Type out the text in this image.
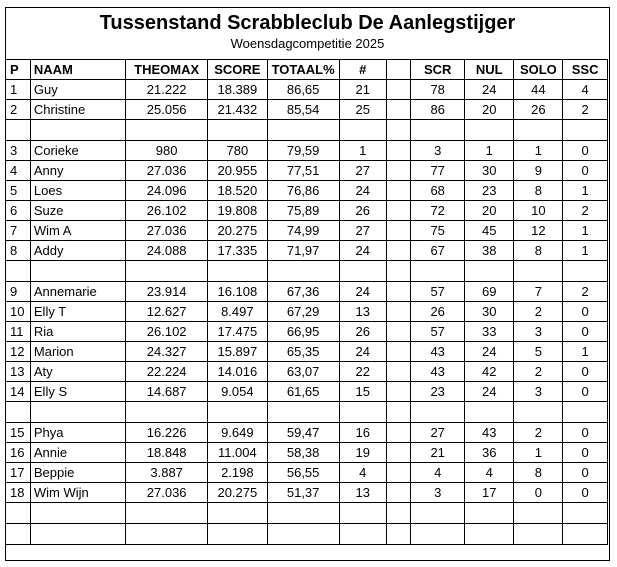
Tussenstand Scrabbleclub De Aanlegstijger
Woensdagcompetitie 2025
P	NAAM	THEOMAX	SCORE	TOTAAL%	#		SCR	NUL	SOLO	SSC
1	Guy	21.222	18.389	86,65	21		78	24	44	4
2	Christine	25.056	21.432	85,54	25		86	20	26	2

3	Corieke	980	780	79,59	1		3	1	1	0
4	Anny	27.036	20.955	77,51	27		77	30	9	0
5	Loes	24.096	18.520	76,86	24		68	23	8	1
6	Suze	26.102	19.808	75,89	26		72	20	10	2
7	Wim A	27.036	20.275	74,99	27		75	45	12	1
8	Addy	24.088	17.335	71,97	24		67	38	8	1

9	Annemarie	23.914	16.108	67,36	24		57	69	7	2
10	Elly T	12.627	8.497	67,29	13		26	30	2	0
11	Ria	26.102	17.475	66,95	26		57	33	3	0
12	Marion	24.327	15.897	65,35	24		43	24	5	1
13	Aty	22.224	14.016	63,07	22		43	42	2	0
14	Elly S	14.687	9.054	61,65	15		23	24	3	0

15	Phya	16.226	9.649	59,47	16		27	43	2	0
16	Annie	18.848	11.004	58,38	19		21	36	1	0
17	Beppie	3.887	2.198	56,55	4		4	4	8	0
18	Wim Wijn	27.036	20.275	51,37	13		3	17	0	0
